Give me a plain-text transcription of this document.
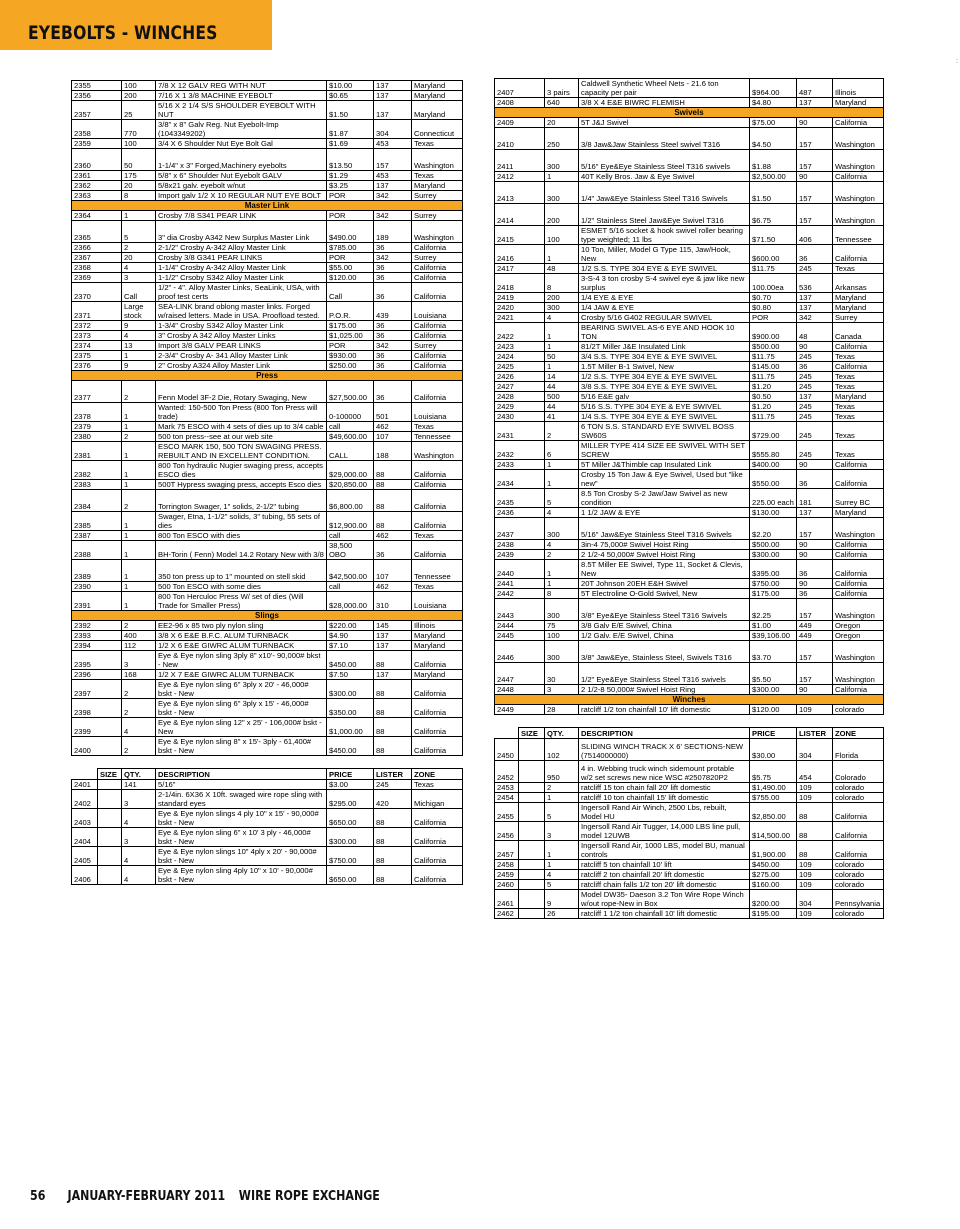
EYEBOLTS - WINCHES
:
2355	100	7/8 X 12 GALV REG WITH NUT	$10.00	137	Maryland
2356	200	7/16 X 1 3/8 MACHINE EYEBOLT	$0.65	137	Maryland
2357	25	5/16 X 2 1/4 S/S SHOULDER EYEBOLT WITH NUT	$1.50	137	Maryland
2358	770	3/8" x 8" Galv Reg. Nut Eyebolt-Imp (1043349202)	$1.87	304	Connecticut
2359	100	3/4 X 6 Shoulder Nut Eye Bolt Gal	$1.69	453	Texas
2360	50	1-1/4" x 3" Forged,Machinery eyebolts	$13.50	157	Washington
2361	175	5/8" x 6" Shoulder Nut Eyebolt GALV	$1.29	453	Texas
2362	20	5/8x21 galv. eyebolt w/nut	$3.25	137	Maryland
2363	8	Import galv 1/2 X 10 REGULAR NUT EYE BOLT	POR	342	Surrey
Master Link					
2364	1	Crosby 7/8 S341 PEAR LINK	POR	342	Surrey
2365	5	3" dia Crosby A342 New Surplus Master Link	$490.00	189	Washington
2366	2	2-1/2" Crosby A-342 Alloy Master Link	$785.00	36	California
2367	20	Crosby 3/8 G341 PEAR LINKS	POR	342	Surrey
2368	4	1-1/4" Crosby A-342 Alloy Master Link	$55.00	36	California
2369	3	1-1/2" Crsoby S342 Alloy Master Link	$120.00	36	California
2370	Call	1/2" - 4". Alloy Master Links, SeaLink, USA, with proof test certs	Call	36	California
2371	Large stock	SEA-LINK brand oblong master links. Forged w/raised letters. Made in USA. Proofload tested.	P.O.R.	439	Louisiana
2372	9	1-3/4" Crosby S342 Alloy Master Link	$175.00	36	California
2373	4	3" Crosby A 342 Alloy Master Links	$1,025.00	36	California
2374	13	Import 3/8 GALV PEAR LINKS	POR	342	Surrey
2375	1	2-3/4" Crosby A- 341 Alloy Master Link	$930.00	36	California
2376	9	2" Crosby A324 Alloy Master Link	$250.00	36	California
Press					
2377	2	Fenn Model 3F-2 Die, Rotary Swaging, New	$27,500.00	36	California
2378	1	Wanted: 150-500 Ton Press (800 Ton Press will trade)	0-100000	501	Louisiana
2379	1	Mark 75 ESCO with 4 sets of dies up to 3/4 cable	call	462	Texas
2380	2	500 ton press--see at our web site	$49,600.00	107	Tennessee
2381	1	ESCO MARK 150, 500 TON SWAGING PRESS. REBUILT AND IN EXCELLENT CONDITION.	CALL	188	Washington
2382	1	800 Ton hydraulic Nugier swaging press, accepts ESCO dies	$29,000.00	88	California
2383	1	500T Hypress swaging press, accepts Esco dies	$20,850.00	88	California
2384	2	Torrington Swager, 1" solids, 2-1/2" tubing	$6,800.00	88	California
2385	1	Swager, Etna, 1-1/2" solids, 3" tubing, 55 sets of dies	$12,900.00	88	California
2387	1	800 Ton ESCO with dies	call	462	Texas
2388	1	BH-Torin ( Fenn) Model 14.2 Rotary New with 3/8	38,500 OBO	36	California
2389	1	350 ton press up to 1" mounted on stell skid	$42,500.00	107	Tennessee
2390	1	500 Ton ESCO with some dies	call	462	Texas
2391	1	800 Ton Herculoc Press W/ set of dies (Will Trade for Smaller Press)	$28,000.00	310	Louisiana
Slings					
2392	2	EE2-96 x 85 two ply nylon sling	$220.00	145	Illinois
2393	400	3/8 X 6 E&E B.F.C. ALUM TURNBACK	$4.90	137	Maryland
2394	112	1/2 X 6 E&E GIWRC ALUM TURNBACK	$7.10	137	Maryland
2395	3	Eye & Eye nylon sling 3ply 8" x10'- 90,000# bkst - New	$450.00	88	California
2396	168	1/2 X 7 E&E GIWRC ALUM TURNBACK	$7.50	137	Maryland
2397	2	Eye & Eye nylon sling 6" 3ply x 20' - 46,000# bskt - New	$300.00	88	California
2398	2	Eye & Eye nylon sling 6" 3ply x 15' - 46,000# bskt - New	$350.00	88	California
2399	4	Eye & Eye nylon sling 12" x 25' - 106,000# bskt - New	$1,000.00	88	California
2400	2	Eye & Eye nylon sling 8" x 15'- 3ply - 61,400# bskt - New	$450.00	88	California
	SIZE	QTY.	DESCRIPTION	PRICE	LISTER	ZONE
2401		141	5/16"	$3.00	245	Texas
2402		3	2-1/4in. 6X36 X 10ft. swaged wire rope sling with standard eyes	$295.00	420	Michigan
2403		4	Eye & Eye nylon slings 4 ply 10" x 15' - 90,000# bskt - New	$650.00	88	California
2404		3	Eye & Eye nylon sling 6" x 10' 3 ply - 46,000# bskt - New	$300.00	88	California
2405		4	Eye & Eye nylon slings 10" 4ply x 20' - 90,000# bskt - New	$750.00	88	California
2406		4	Eye & Eye nylon sling 4ply 10" x 10' - 90,000# bskt - New	$650.00	88	California
2407	3 pairs	Caldwell Synthetic Wheel Nets - 21.6 ton capacity per pair	$964.00	487	Illinois
2408	640	3/8 X 4 E&E BIWRC FLEMISH	$4.80	137	Maryland
Swivels					
2409	20	5T J&J Swivel	$75.00	90	California
2410	250	3/8 Jaw&Jaw Stainless Steel swivel T316	$4.50	157	Washington
2411	300	5/16" Eye&Eye Stainless Steel T316 swivels	$1.88	157	Washington
2412	1	40T Kelly Bros. Jaw & Eye Swivel	$2,500.00	90	California
2413	300	1/4" Jaw&Eye Stainless Steel T316 Swivels	$1.50	157	Washington
2414	200	1/2" Stainless Steel Jaw&Eye Swivel T316	$6.75	157	Washington
2415	100	ESMET 5/16 socket & hook swivel roller bearing type weighted; 11 lbs	$71.50	406	Tennessee
2416	1	10 Ton, Miller, Model G Type 115, Jaw/Hook, New	$600.00	36	California
2417	48	1/2 S.S. TYPE 304 EYE & EYE SWIVEL	$11.75	245	Texas
2418	8	3-S-4 3 ton crosby S-4 swivel eye & jaw like new surplus	100.00ea	536	Arkansas
2419	200	1/4 EYE & EYE	$0.70	137	Maryland
2420	300	1/4 JAW & EYE	$0.80	137	Maryland
2421	4	Crosby 5/16 G402 REGULAR SWIVEL	POR	342	Surrey
2422	1	BEARING SWIVEL AS-6 EYE AND HOOK 10 TON	$900.00	48	Canada
2423	1	81/2T Miller J&E Insulated Link	$500.00	90	California
2424	50	3/4 S.S. TYPE 304 EYE & EYE SWIVEL	$11.75	245	Texas
2425	1	1.5T Miller B-1 Swivel, New	$145.00	36	California
2426	14	1/2 S.S. TYPE 304 EYE & EYE SWIVEL	$11.75	245	Texas
2427	44	3/8 S.S. TYPE 304 EYE & EYE SWIVEL	$1.20	245	Texas
2428	500	5/16 E&E galv	$0.50	137	Maryland
2429	44	5/16 S.S. TYPE 304 EYE & EYE SWIVEL	$1.20	245	Texas
2430	41	1/4 S.S. TYPE 304 EYE & EYE SWIVEL	$11.75	245	Texas
2431	2	6 TON S.S. STANDARD EYE SWIVEL BOSS SW60S	$729.00	245	Texas
2432	6	MILLER TYPE 414 SIZE EE SWIVEL WITH SET SCREW	$555.80	245	Texas
2433	1	5T Miller J&Thimble cap Insulated Link	$400.00	90	California
2434	1	Crosby 15 Ton Jaw & Eye Swivel, Used but "like new"	$550.00	36	California
2435	5	8.5 Ton Crosby S-2 Jaw/Jaw Swivel as new condition	225.00 each	181	Surrey BC
2436	4	1 1/2 JAW & EYE	$130.00	137	Maryland
2437	300	5/16" Jaw&Eye Stainless Steel T316 Swivels	$2.20	157	Washington
2438	4	3in-4 75,000# Swivel Hoist Ring	$500.00	90	California
2439	2	2 1/2-4 50,000# Swivel Hoist Ring	$300.00	90	California
2440	1	8.5T Miller EE Swivel, Type 11, Socket & Clevis, New	$395.00	36	California
2441	1	20T Johnson 20EH E&H Swivel	$750.00	90	California
2442	8	5T Electroline O-Gold Swivel, New	$175.00	36	California
2443	300	3/8" Eye&Eye Stainless Steel T316 Swivels	$2.25	157	Washington
2444	75	3/8 Galv E/E Swivel, China	$1.00	449	Oregon
2445	100	1/2 Galv. E/E Swivel, China	$39,106.00	449	Oregon
2446	300	3/8" Jaw&Eye, Stainless Steel, Swivels T316	$3.70	157	Washington
2447	30	1/2" Eye&Eye Stainless Steel T316 swivels	$5.50	157	Washington
2448	3	2 1/2-8 50,000# Swivel Hoist Ring	$300.00	90	California
Winches					
2449	28	ratcliff 1/2 ton chainfall 10' lift domestic	$120.00	109	colorado
	SIZE	QTY.	DESCRIPTION	PRICE	LISTER	ZONE
2450		102	SLIDING WINCH TRACK X 6' SECTIONS-NEW (7514000000)	$30.00	304	Florida
2452		950	4 in. Webbing truck winch sidemount protable w/2 set screws new nice WSC #2507820P2	$5.75	454	Colorado
2453		2	ratcliff 15 ton chain fall 20' lift domestic	$1,490.00	109	colorado
2454		1	ratcliff 10 ton chainfall 15' lift domestic	$755.00	109	colorado
2455		5	Ingersoll Rand Air Winch, 2500 Lbs, rebuilt, Model HU	$2,850.00	88	California
2456		3	Ingersoll Rand Air Tugger, 14,000 LBS line pull, model 12UWB	$14,500.00	88	California
2457		1	Ingersoll Rand Air, 1000 LBS, model BU, manual controls	$1,900.00	88	California
2458		1	ratcliff 5 ton chainfall 10' lift	$450.00	109	colorado
2459		4	ratcliff 2 ton chainfall 20' lift domestic	$275.00	109	colorado
2460		5	ratcliff chain falls 1/2 ton 20' lift domestic	$160.00	109	colorado
2461		9	Model DW35- Daeson 3.2 Ton Wire Rope Winch w/out rope-New in Box	$200.00	304	Pennsylvania
2462		26	ratcliff 1 1/2 ton chainfall 10' lift domestic	$195.00	109	colorado
56 JANUARY-FEBRUARY 2011 WIRE ROPE EXCHANGE
